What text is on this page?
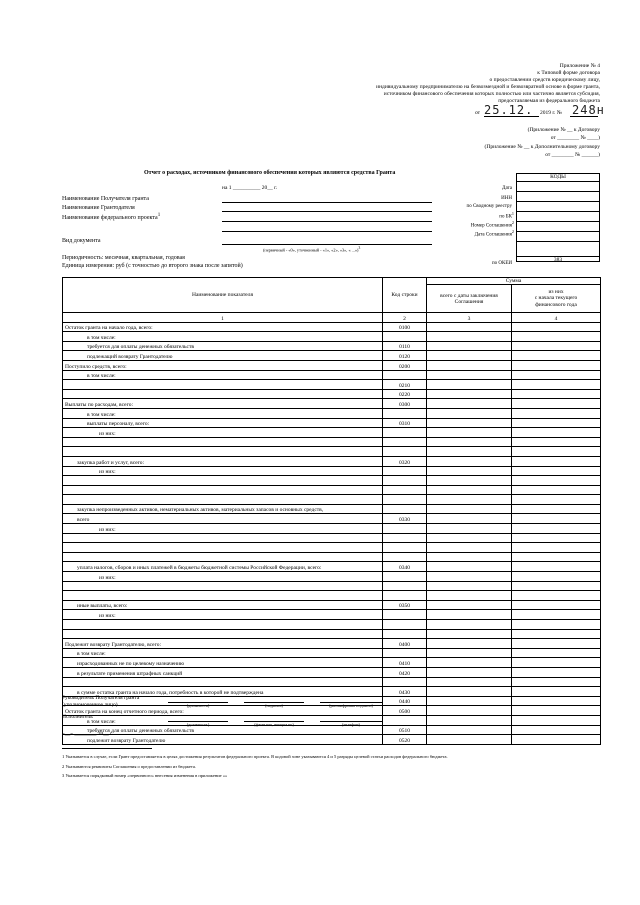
Приложение № 4
к Типовой форме договора
о предоставлении средств юридическому лицу,
индивидуальному предпринимателю на безвозмездной и безвозвратной основе в форме гранта,
источником финансового обеспечения которых полностью или частично является субсидия,
предоставляемая из федерального бюджета
от 25.12. 2019 г. № 248н
(Приложение № __ к Договору
от ________ № ____)
(Приложение № __ к Дополнительному договору
от ________ № ______)
Отчет о расходах, источником финансового обеспечения которых являются средства Гранта
на 1 __________ 20__ г.
КОДЫ
383
Дата
ИНН
по Сводному реестру
по $БК^1$
Номер Соглашения$^2$
Дата Соглашения$^2$
Наименование Получателя гранта
Наименование Грантодателя
Наименование федерального проекта$^1$
Вид документа
(первичный - «0», уточненный - «1», «2», «3», « ...»)$^3$
Периодичность: месячная, квартальная, годовая
Единица измерения: руб (с точностью до второго знака после запятой)	по ОКЕИ
Наименование показателя	Код строки	Сумма	
		всего с даты заключения Соглашения	из них
с начала текущего
финансового года
1	2	3	4
Остаток гранта на начало года, всего:	0100		
в том числе:			
требуется для оплаты денежных обязательств	0110		
подлежащий возврату Грантодателю	0120		
Поступило средств, всего:	0200		
в том числе:			
	0210		
	0220		
Выплаты по расходам, всего:	0300		
в том числе:			
выплаты персоналу, всего:	0310		
из них:			

закупка работ и услуг, всего:	0320		
из них:			

закупка непроизведенных активов, нематериальных активов, материальных запасов и основных средств,			
всего	0330		
из них:			

уплата налогов, сборов и иных платежей в бюджеты бюджетной системы Российской Федерации, всего:	0340		
из них:			

иные выплаты, всего:	0350		
из них:			

Подлежит возврату Грантодателю, всего:	0400		
в том числе:			
израсходованных не по целевому назначению	0410		
в результате применения штрафных санкций	0420		

в сумме остатка гранта на начало года, потребность в которой не подтверждена	0430		
	0440		
Остаток гранта на конец отчетного периода, всего:	0500		
в том числе:			
требуется для оплаты денежных обязательств	0510		
подлежит возврату Грантодателю	0520		
Руководитель Получателя гранта
(уполномоченное лицо)	(должность)	(подпись)	(расшифровка подписи)
Исполнитель
(должность)	(фамилия, инициалы)	(телефон)
«__» ________ 20__ г.
1 Указывается в случае, если Грант предоставляется в целях достижения результатов федерального проекта. В кодовой зоне указываются 4 и 5 разряды целевой статьи расходов федерального бюджета.
2 Указываются реквизиты Соглашения о предоставлении из бюджета.
3 Указывается порядковый номер «первичного» внесения изменения в приложение «»
